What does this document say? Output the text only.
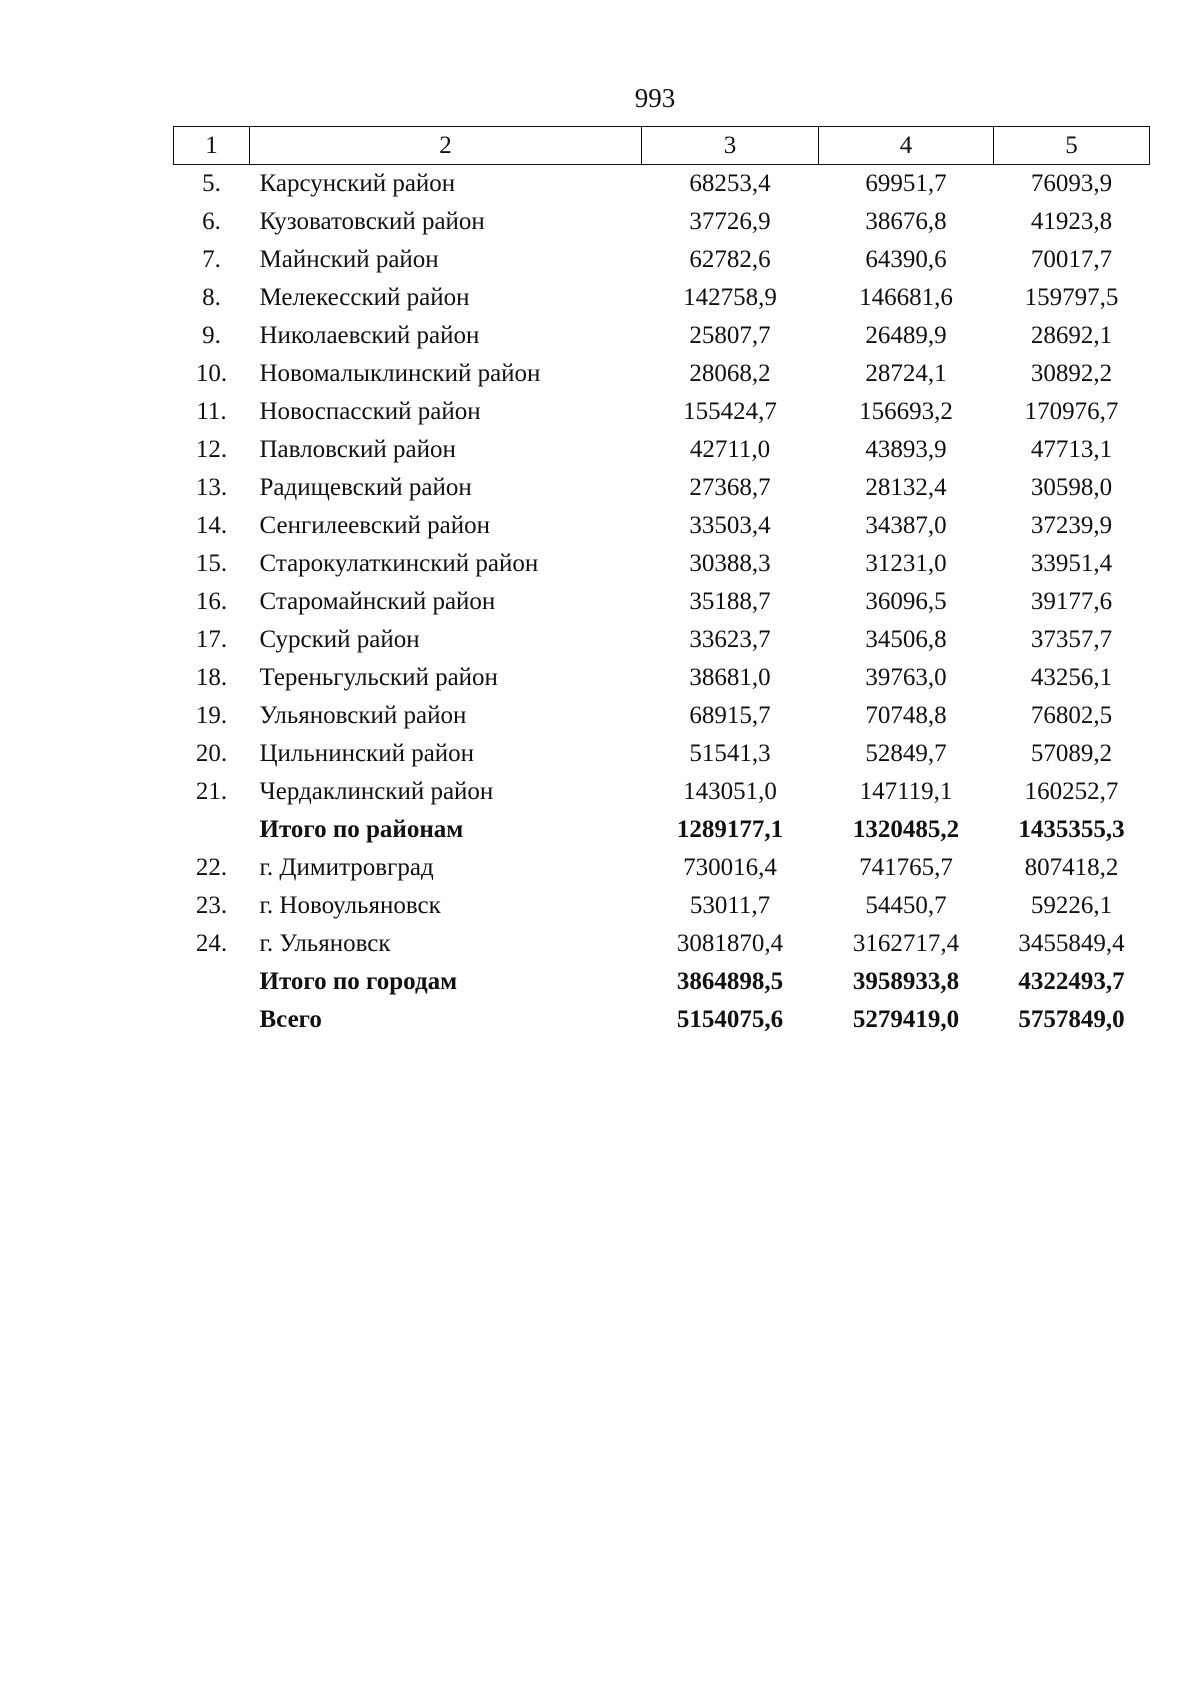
993
1	2	3	4	5
5.	Карсунский район	68253,4	69951,7	76093,9
6.	Кузоватовский район	37726,9	38676,8	41923,8
7.	Майнский район	62782,6	64390,6	70017,7
8.	Мелекесский район	142758,9	146681,6	159797,5
9.	Николаевский район	25807,7	26489,9	28692,1
10.	Новомалыклинский район	28068,2	28724,1	30892,2
11.	Новоспасский район	155424,7	156693,2	170976,7
12.	Павловский район	42711,0	43893,9	47713,1
13.	Радищевский район	27368,7	28132,4	30598,0
14.	Сенгилеевский район	33503,4	34387,0	37239,9
15.	Старокулаткинский район	30388,3	31231,0	33951,4
16.	Старомайнский район	35188,7	36096,5	39177,6
17.	Сурский район	33623,7	34506,8	37357,7
18.	Тереньгульский район	38681,0	39763,0	43256,1
19.	Ульяновский район	68915,7	70748,8	76802,5
20.	Цильнинский район	51541,3	52849,7	57089,2
21.	Чердаклинский район	143051,0	147119,1	160252,7
	Итого по районам	1289177,1	1320485,2	1435355,3
22.	г. Димитровград	730016,4	741765,7	807418,2
23.	г. Новоульяновск	53011,7	54450,7	59226,1
24.	г. Ульяновск	3081870,4	3162717,4	3455849,4
	Итого по городам	3864898,5	3958933,8	4322493,7
	Всего	5154075,6	5279419,0	5757849,0
